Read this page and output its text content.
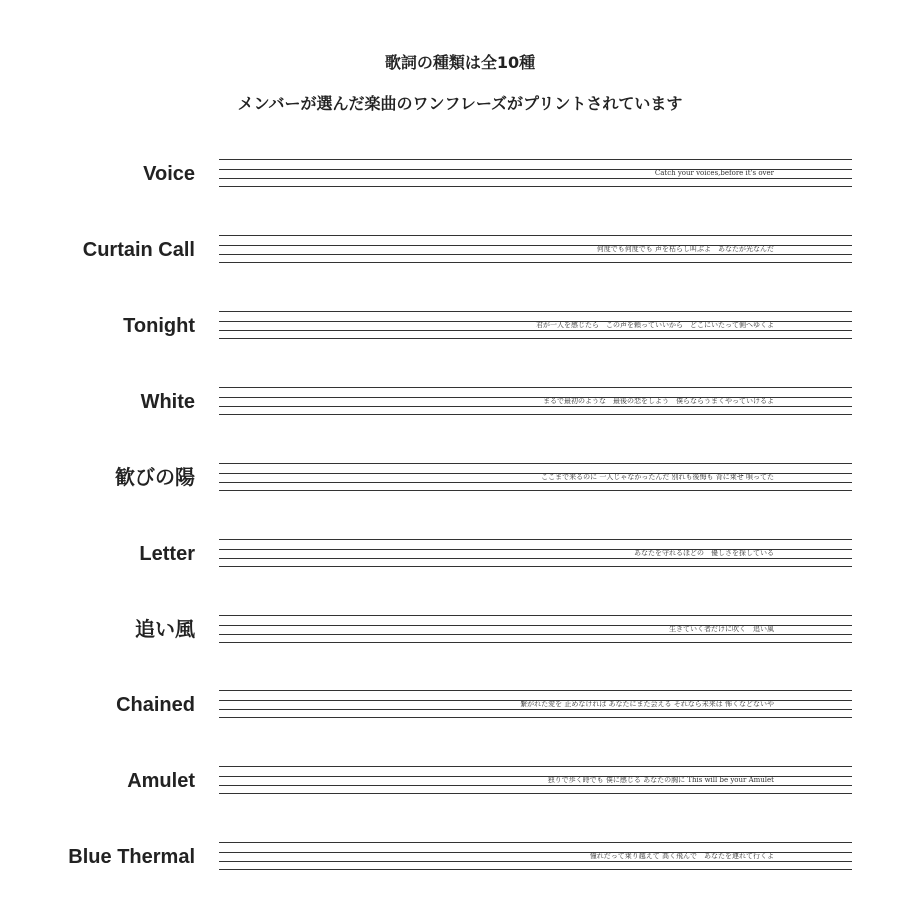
歌詞の種類は全10種
メンバーが選んだ楽曲のワンフレーズがプリントされています
Voice	Catch your voices,before it's over
Curtain Call	何度でも何度でも 声を枯らし叫ぶよ　あなたが光なんだ
Tonight	君が一人を感じたら　この声を頼っていいから　どこにいたって側へゆくよ
White	まるで最初のような　最後の恋をしよう　僕らならうまくやっていけるよ
歓びの陽	ここまで来るのに 一人じゃなかったんだ 別れも後悔も 背に乗せ 唄ってた
Letter	あなたを守れるほどの　優しさを探している
追い風	生きていく者だけに吹く　追い風
Chained	繋がれた愛を 止めなければ あなたにまた会える それなら未来は 怖くなどないや
Amulet	独りで歩く時でも 僕に感じる あなたの胸に This will be your Amulet
Blue Thermal	憧れだって乗り越えて 高く飛んで　あなたを連れて行くよ
